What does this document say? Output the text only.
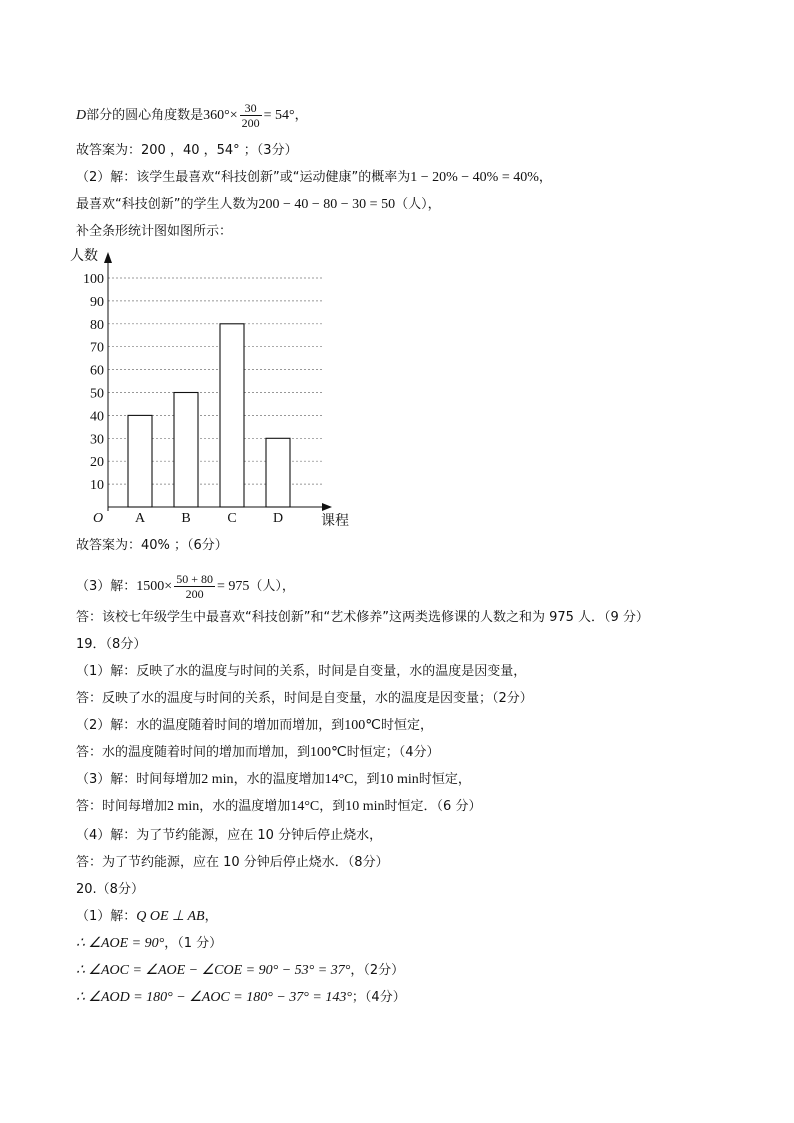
D部分的圆心角度数是$360^\circ\times \frac{30}{200} = 54^\circ$，
故答案为：200 ，40 ，54° ；（3分）
（2）解：该学生最喜欢“科技创新”或“运动健康”的概率为1 − 20% − 40% = 40%，
最喜欢“科技创新”的学生人数为200 − 40 − 80 − 30 = 50（人），
补全条形统计图如图所示：
10
20
30
40
50
60
70
80
90
100
A	B	C	D
O
人数
课程
故答案为：40% ；（6分）
（3）解：$1500\times \frac{50 + 80}{200} = 975$（人），
答：该校七年级学生中最喜欢“科技创新”和“艺术修养”这两类选修课的人数之和为 975 人．（9 分）
19．（8分）
（1）解：反映了水的温度与时间的关系，时间是自变量，水的温度是因变量，
答：反映了水的温度与时间的关系，时间是自变量，水的温度是因变量；（2分）
（2）解：水的温度随着时间的增加而增加，到100℃时恒定，
答：水的温度随着时间的增加而增加，到100℃时恒定；（4分）
（3）解：时间每增加2 min，水的温度增加14°C，到10 min时恒定，
答：时间每增加2 min，水的温度增加14°C，到10 min时恒定．（6 分）
（4）解：为了节约能源，应在 10 分钟后停止烧水，
答：为了节约能源，应在 10 分钟后停止烧水．（8分）
20.（8分）
（1）解：Q OE ⊥ AB，
∴ ∠AOE = 90°，（1 分）
∴ ∠AOC = ∠AOE − ∠COE = 90° − 53° = 37°，（2分）
∴ ∠AOD = 180° − ∠AOC = 180° − 37° = 143°；（4分）
